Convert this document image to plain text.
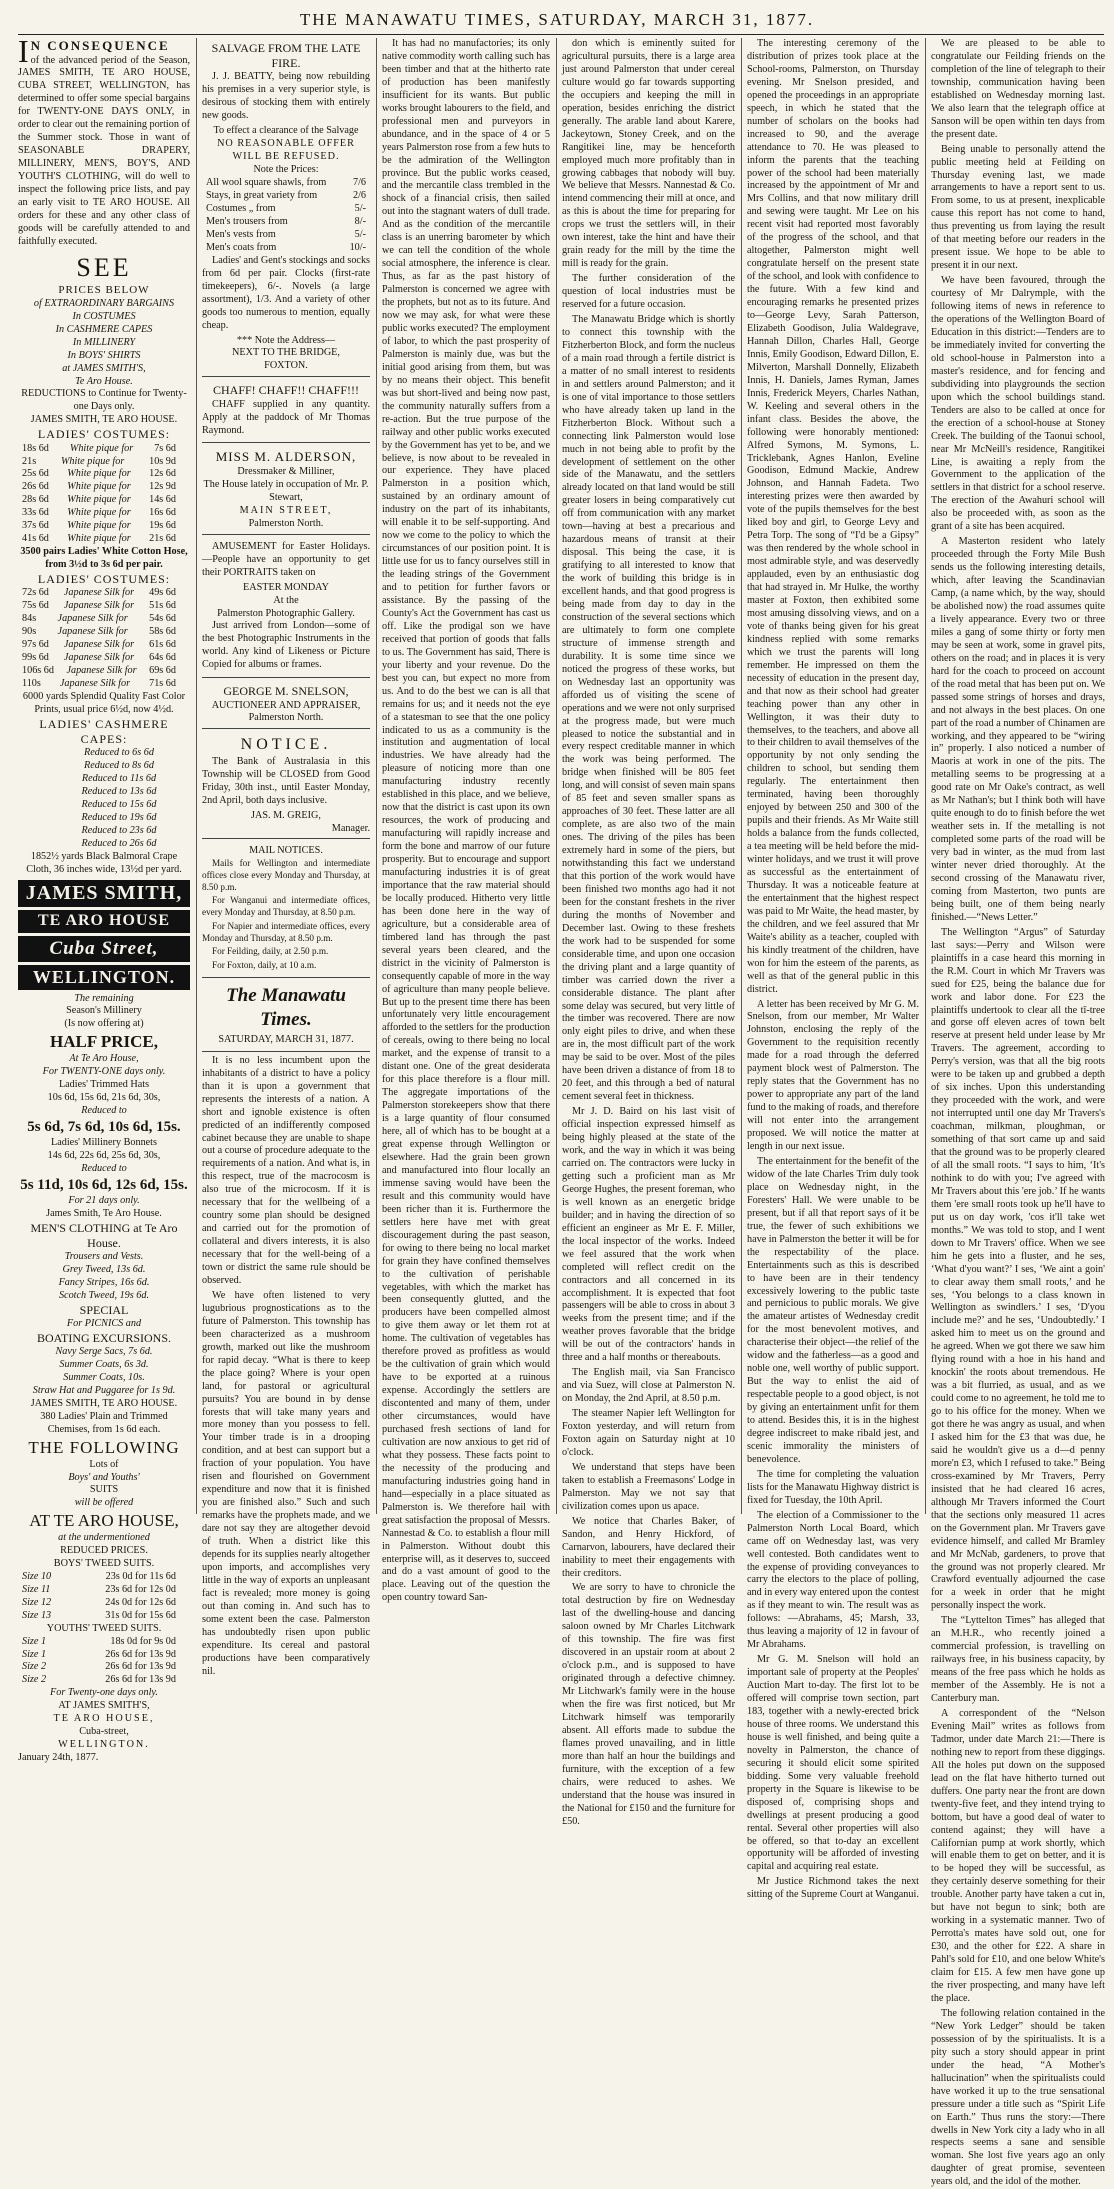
THE MANAWATU TIMES, SATURDAY, MARCH 31, 1877.
I N CONSEQUENCE
of the advanced period of the Season, JAMES SMITH, TE ARO HOUSE, CUBA STREET, WELLINGTON, has determined to offer some special bargains for TWENTY-ONE DAYS ONLY, in order to clear out the remaining portion of the Summer stock. Those in want of SEASONABLE DRAPERY, MILLINERY, MEN'S, BOY'S, AND YOUTH'S CLOTHING, will do well to inspect the following price lists, and pay an early visit to TE ARO HOUSE. All orders for these and any other class of goods will be carefully attended to and faithfully executed.
SEE
PRICES BELOW
of EXTRAORDINARY BARGAINS
In COSTUMES
In CASHMERE CAPES
In MILLINERY
In BOYS' SHIRTS
at JAMES SMITH'S,
Te Aro House.
REDUCTIONS to Continue for Twenty-one Days only.
JAMES SMITH, TE ARO HOUSE.
LADIES' COSTUMES:
18s 6d White pique for 7s 6d
21s White pique for 10s 9d
25s 6d White pique for 12s 6d
26s 6d White pique for 12s 9d
28s 6d White pique for 14s 6d
33s 6d White pique for 16s 6d
37s 6d White pique for 19s 6d
41s 6d White pique for 21s 6d
3500 pairs Ladies' White Cotton Hose, from 3½d to 3s 6d per pair.
LADIES' COSTUMES:
72s 6d Japanese Silk for 49s 6d
75s 6d Japanese Silk for 51s 6d
84s Japanese Silk for 54s 6d
90s Japanese Silk for 58s 6d
97s 6d Japanese Silk for 61s 6d
99s 6d Japanese Silk for 64s 6d
106s 6d Japanese Silk for 69s 6d
110s Japanese Silk for 71s 6d
6000 yards Splendid Quality Fast Color Prints, usual price 6½d, now 4½d.
LADIES' CASHMERE CAPES:
Reduced to 6s 6d
Reduced to 8s 6d
Reduced to 11s 6d
Reduced to 13s 6d
Reduced to 15s 6d
Reduced to 19s 6d
Reduced to 23s 6d
Reduced to 26s 6d
1852½ yards Black Balmoral Crape Cloth, 36 inches wide, 13½d per yard.
JAMES SMITH,
TE ARO HOUSE
Cuba Street,
WELLINGTON.
The remaining
Season's Millinery
(Is now offering at)
HALF PRICE,
At Te Aro House,
For TWENTY-ONE days only.
Ladies' Trimmed Hats
10s 6d, 15s 6d, 21s 6d, 30s,
Reduced to
5s 6d, 7s 6d, 10s 6d, 15s.
Ladies' Millinery Bonnets
14s 6d, 22s 6d, 25s 6d, 30s,
Reduced to
5s 11d, 10s 6d, 12s 6d, 15s.
For 21 days only.
James Smith, Te Aro House.
MEN'S CLOTHING at Te Aro House.
Trousers and Vests.
Grey Tweed, 13s 6d.
Fancy Stripes, 16s 6d.
Scotch Tweed, 19s 6d.
SPECIAL
For PICNICS and
BOATING EXCURSIONS.
Navy Serge Sacs, 7s 6d.
Summer Coats, 6s 3d.
Summer Coats, 10s.
Straw Hat and Puggaree for 1s 9d.
JAMES SMITH, TE ARO HOUSE.
380 Ladies' Plain and Trimmed Chemises, from 1s 6d each.
THE FOLLOWING
Lots of
Boys' and Youths'
SUITS
will be offered
AT TE ARO HOUSE,
at the undermentioned
REDUCED PRICES.
BOYS' TWEED SUITS.
Size 10	23s 0d for 11s 6d
Size 11	23s 6d for 12s 0d
Size 12	24s 0d for 12s 6d
Size 13	31s 0d for 15s 6d
YOUTHS' TWEED SUITS.
Size 1	18s 0d for 9s 0d
Size 1	26s 6d for 13s 9d
Size 2	26s 6d for 13s 9d
Size 2	26s 6d for 13s 9d
For Twenty-one days only.
AT JAMES SMITH'S,
TE ARO HOUSE,
Cuba-street,
WELLINGTON.
January 24th, 1877.
SALVAGE FROM THE LATE FIRE.
J. J. BEATTY, being now rebuilding his premises in a very superior style, is desirous of stocking them with entirely new goods.
To effect a clearance of the Salvage
NO REASONABLE OFFER WILL BE REFUSED.
Note the Prices:
All wool square shawls, from	7/6
Stays, in great variety from	2/6
Costumes „ from	5/-
Men's trousers from	8/-
Men's vests from	5/-
Men's coats from	10/-
Ladies' and Gent's stockings and socks from 6d per pair. Clocks (first-rate timekeepers), 6/-. Novels (a large assortment), 1/3. And a variety of other goods too numerous to mention, equally cheap.
*** Note the Address—
NEXT TO THE BRIDGE,
FOXTON.
CHAFF! CHAFF!! CHAFF!!!
CHAFF supplied in any quantity. Apply at the paddock of Mr Thomas Raymond.
MISS M. ALDERSON,
Dressmaker & Milliner,
The House lately in occupation of Mr. P. Stewart,
MAIN STREET,
Palmerston North.
AMUSEMENT for Easter Holidays. —People have an opportunity to get their PORTRAITS taken on
EASTER MONDAY
At the
Palmerston Photographic Gallery.
Just arrived from London—some of the best Photographic Instruments in the world. Any kind of Likeness or Picture Copied for albums or frames.
GEORGE M. SNELSON,
AUCTIONEER AND APPRAISER,
Palmerston North.
NOTICE.
The Bank of Australasia in this Township will be CLOSED from Good Friday, 30th inst., until Easter Monday, 2nd April, both days inclusive.
JAS. M. GREIG,
Manager.
MAIL NOTICES.
Mails for Wellington and intermediate offices close every Monday and Thursday, at 8.50 p.m.
For Wanganui and intermediate offices, every Monday and Thursday, at 8.50 p.m.
For Napier and intermediate offices, every Monday and Thursday, at 8.50 p.m.
For Feilding, daily, at 2.50 p.m.
For Foxton, daily, at 10 a.m.
The Manawatu Times.
SATURDAY, MARCH 31, 1877.
It is no less incumbent upon the inhabitants of a district to have a policy than it is upon a government that represents the interests of a nation. A short and ignoble existence is often predicted of an indifferently composed cabinet because they are unable to shape out a course of procedure adequate to the requirements of a nation. And what is, in this respect, true of the macrocosm is also true of the microcosm. If it is necessary that for the wellbeing of a country some plan should be designed and carried out for the promotion of collateral and divers interests, it is also necessary that for the well-being of a town or district the same rule should be observed.
We have often listened to very lugubrious prognostications as to the future of Palmerston. This township has been characterized as a mushroom growth, marked out like the mushroom for rapid decay. “What is there to keep the place going? Where is your open land, for pastoral or agricultural pursuits? You are bound in by dense forests that will take many years and more money than you possess to fell. Your timber trade is in a drooping condition, and at best can support but a fraction of your population. You have risen and flourished on Government expenditure and now that it is finished you are finished also.” Such and such remarks have the prophets made, and we dare not say they are altogether devoid of truth. When a district like this depends for its supplies nearly altogether upon imports, and accomplishes very little in the way of exports an unpleasant fact is revealed; more money is going out than coming in. And such has to some extent been the case. Palmerston has undoubtedly risen upon public expenditure. Its cereal and pastoral productions have been comparatively nil.
It has had no manufactories; its only native commodity worth calling such has been timber and that at the hitherto rate of production has been manifestly insufficient for its wants. But public works brought labourers to the field, and professional men and purveyors in abundance, and in the space of 4 or 5 years Palmerston rose from a few huts to be the admiration of the Wellington province. But the public works ceased, and the mercantile class trembled in the shock of a financial crisis, then sailed out into the stagnant waters of dull trade. And as the condition of the mercantile class is an unerring barometer by which we can tell the condition of the whole social atmosphere, the inference is clear. Thus, as far as the past history of Palmerston is concerned we agree with the prophets, but not as to its future. And now we may ask, for what were these public works executed? The employment of labor, to which the past prosperity of Palmerston is mainly due, was but the initial good arising from them, but was by no means their object. This benefit was but short-lived and being now past, the community naturally suffers from a re-action. But the true purpose of the railway and other public works executed by the Government has yet to be, and we believe, is now about to be revealed in our experience. They have placed Palmerston in a position which, sustained by an ordinary amount of industry on the part of its inhabitants, will enable it to be self-supporting. And now we come to the policy to which the circumstances of our position point. It is little use for us to fancy ourselves still in the leading strings of the Government and to petition for further favors or assistance. By the passing of the County's Act the Government has cast us off. Like the prodigal son we have received that portion of goods that falls to us. The Government has said, There is your liberty and your revenue. Do the best you can, but expect no more from us. And to do the best we can is all that remains for us; and it needs not the eye of a statesman to see that the one policy indicated to us as a community is the institution and augmentation of local industries. We have already had the pleasure of noticing more than one manufacturing industry recently established in this place, and we believe, now that the district is cast upon its own resources, the work of producing and manufacturing will rapidly increase and form the bone and marrow of our future prosperity. But to encourage and support manufacturing industries it is of great importance that the raw material should be locally produced. Hitherto very little has been done here in the way of agriculture, but a considerable area of timbered land has through the past several years been cleared, and the district in the vicinity of Palmerston is consequently capable of more in the way of agriculture than many people believe. But up to the present time there has been unfortunately very little encouragement afforded to the settlers for the production of cereals, owing to there being no local market, and the expense of transit to a distant one. One of the great desiderata for this place therefore is a flour mill. The aggregate importations of the Palmerston storekeepers show that there is a large quantity of flour consumed here, all of which has to be bought at a great expense through Wellington or elsewhere. Had the grain been grown and manufactured into flour locally an immense saving would have been the result and this community would have been richer than it is. Furthermore the settlers here have met with great discouragement during the past season, for owing to there being no local market for grain they have confined themselves to the cultivation of perishable vegetables, with which the market has been consequently glutted, and the producers have been compelled almost to give them away or let them rot at home. The cultivation of vegetables has therefore proved as profitless as would be the cultivation of grain which would have to be exported at a ruinous expense. Accordingly the settlers are discontented and many of them, under other circumstances, would have purchased fresh sections of land for cultivation are now anxious to get rid of what they possess. These facts point to the necessity of the producing and manufacturing industries going hand in hand—especially in a place situated as Palmerston is. We therefore hail with great satisfaction the proposal of Messrs. Nannestad & Co. to establish a flour mill in Palmerston. Without doubt this enterprise will, as it deserves to, succeed and do a vast amount of good to the place. Leaving out of the question the open country toward San-
don which is eminently suited for agricultural pursuits, there is a large area just around Palmerston that under cereal culture would go far towards supporting the occupiers and keeping the mill in operation, besides enriching the district generally. The arable land about Karere, Jackeytown, Stoney Creek, and on the Rangitikei line, may be henceforth employed much more profitably than in growing cabbages that nobody will buy. We believe that Messrs. Nannestad & Co. intend commencing their mill at once, and as this is about the time for preparing for crops we trust the settlers will, in their own interest, take the hint and have their grain ready for the mill by the time the mill is ready for the grain.
The further consideration of the question of local industries must be reserved for a future occasion.
The Manawatu Bridge which is shortly to connect this township with the Fitzherberton Block, and form the nucleus of a main road through a fertile district is a matter of no small interest to residents in and settlers around Palmerston; and it is one of vital importance to those settlers who have already taken up land in the Fitzherberton Block. Without such a connecting link Palmerston would lose much in not being able to profit by the development of settlement on the other side of the Manawatu, and the settlers already located on that land would be still greater losers in being comparatively cut off from communication with any market town—having at best a precarious and hazardous means of transit at their disposal. This being the case, it is gratifying to all interested to know that the work of building this bridge is in excellent hands, and that good progress is being made from day to day in the construction of the several sections which are ultimately to form one complete structure of immense strength and durability. It is some time since we noticed the progress of these works, but on Wednesday last an opportunity was afforded us of visiting the scene of operations and we were not only surprised at the progress made, but were much pleased to notice the substantial and in every respect creditable manner in which the work was being performed. The bridge when finished will be 805 feet long, and will consist of seven main spans of 85 feet and seven smaller spans as approaches of 30 feet. These latter are all complete, as are also two of the main ones. The driving of the piles has been extremely hard in some of the piers, but notwithstanding this fact we understand that this portion of the work would have been finished two months ago had it not been for the constant freshets in the river during the months of November and December last. Owing to these freshets the work had to be suspended for some considerable time, and upon one occasion the driving plant and a large quantity of timber was carried down the river a considerable distance. The plant after some delay was secured, but very little of the timber was recovered. There are now only eight piles to drive, and when these are in, the most difficult part of the work may be said to be over. Most of the piles have been driven a distance of from 18 to 20 feet, and this through a bed of natural cement several feet in thickness.
Mr J. D. Baird on his last visit of official inspection expressed himself as being highly pleased at the state of the work, and the way in which it was being carried on. The contractors were lucky in getting such a proficient man as Mr George Hughes, the present foreman, who is well known as an energetic bridge builder; and in having the direction of so efficient an engineer as Mr E. F. Miller, the local inspector of the works. Indeed we feel assured that the work when completed will reflect credit on the contractors and all concerned in its accomplishment. It is expected that foot passengers will be able to cross in about 3 weeks from the present time; and if the weather proves favorable that the bridge will be out of the contractors' hands in three and a half months or thereabouts.
The English mail, via San Francisco and via Suez, will close at Palmerston N. on Monday, the 2nd April, at 8.50 p.m.
The steamer Napier left Wellington for Foxton yesterday, and will return from Foxton again on Saturday night at 10 o'clock.
We understand that steps have been taken to establish a Freemasons' Lodge in Palmerston. May we not say that civilization comes upon us apace.
We notice that Charles Baker, of Sandon, and Henry Hickford, of Carnarvon, labourers, have declared their inability to meet their engagements with their creditors.
We are sorry to have to chronicle the total destruction by fire on Wednesday last of the dwelling-house and dancing saloon owned by Mr Charles Litchwark of this township. The fire was first discovered in an upstair room at about 2 o'clock p.m., and is supposed to have originated through a defective chimney. Mr Litchwark's family were in the house when the fire was first noticed, but Mr Litchwark himself was temporarily absent. All efforts made to subdue the flames proved unavailing, and in little more than half an hour the buildings and furniture, with the exception of a few chairs, were reduced to ashes. We understand that the house was insured in the National for £150 and the furniture for £50.
The interesting ceremony of the distribution of prizes took place at the School-rooms, Palmerston, on Thursday evening. Mr Snelson presided, and opened the proceedings in an appropriate speech, in which he stated that the number of scholars on the books had increased to 90, and the average attendance to 70. He was pleased to inform the parents that the teaching power of the school had been materially increased by the appointment of Mr and Mrs Collins, and that now military drill and sewing were taught. Mr Lee on his recent visit had reported most favorably of the progress of the school, and that altogether, Palmerston might well congratulate herself on the present state of the school, and look with confidence to the future. With a few kind and encouraging remarks he presented prizes to—George Levy, Sarah Patterson, Elizabeth Goodison, Julia Waldegrave, Hannah Dillon, Charles Hall, George Innis, Emily Goodison, Edward Dillon, E. Milverton, Marshall Donnelly, Elizabeth Innis, H. Daniels, James Ryman, James Innis, Frederick Meyers, Charles Nathan, W. Keeling and several others in the infant class. Besides the above, the following were honorably mentioned: Alfred Symons, M. Symons, L. Tricklebank, Agnes Hanlon, Eveline Goodison, Edmund Mackie, Andrew Johnson, and Hannah Fadeta. Two interesting prizes were then awarded by vote of the pupils themselves for the best liked boy and girl, to George Levy and Petra Torp. The song of “I'd be a Gipsy” was then rendered by the whole school in most admirable style, and was deservedly applauded, even by an enthusiastic dog that had strayed in. Mr Hulke, the worthy master at Foxton, then exhibited some most amusing dissolving views, and on a vote of thanks being given for his great kindness replied with some remarks which we trust the parents will long remember. He impressed on them the necessity of education in the present day, and that now as their school had greater teaching power than any other in Wellington, it was their duty to themselves, to the teachers, and above all to their children to avail themselves of the opportunity by not only sending the children to school, but sending them regularly. The entertainment then terminated, having been thoroughly enjoyed by between 250 and 300 of the pupils and their friends. As Mr Waite still holds a balance from the funds collected, a tea meeting will be held before the mid-winter holidays, and we trust it will prove as successful as the entertainment of Thursday. It was a noticeable feature at the entertainment that the highest respect was paid to Mr Waite, the head master, by the children, and we feel assured that Mr Waite's ability as a teacher, coupled with his kindly treatment of the children, have won for him the esteem of the parents, as well as that of the general public in this district.
A letter has been received by Mr G. M. Snelson, from our member, Mr Walter Johnston, enclosing the reply of the Government to the requisition recently made for a road through the deferred payment block west of Palmerston. The reply states that the Government has no power to appropriate any part of the land fund to the making of roads, and therefore will not enter into the arrangement proposed. We will notice the matter at length in our next issue.
The entertainment for the benefit of the widow of the late Charles Trim duly took place on Wednesday night, in the Foresters' Hall. We were unable to be present, but if all that report says of it be true, the fewer of such exhibitions we have in Palmerston the better it will be for the respectability of the place. Entertainments such as this is described to have been are in their tendency excessively lowering to the public taste and pernicious to public morals. We give the amateur artistes of Wednesday credit for the most benevolent motives, and characterise their object—the relief of the widow and the fatherless—as a good and noble one, well worthy of public support. But the way to enlist the aid of respectable people to a good object, is not by giving an entertainment unfit for them to attend. Besides this, it is in the highest degree indiscreet to make ribald jest, and scenic immorality the ministers of benevolence.
The time for completing the valuation lists for the Manawatu Highway district is fixed for Tuesday, the 10th April.
The election of a Commissioner to the Palmerston North Local Board, which came off on Wednesday last, was very well contested. Both candidates went to the expense of providing conveyances to carry the electors to the place of polling, and in every way entered upon the contest as if they meant to win. The result was as follows: —Abrahams, 45; Marsh, 33, thus leaving a majority of 12 in favour of Mr Abrahams.
Mr G. M. Snelson will hold an important sale of property at the Peoples' Auction Mart to-day. The first lot to be offered will comprise town section, part 183, together with a newly-erected brick house of three rooms. We understand this house is well finished, and being quite a novelty in Palmerston, the chance of securing it should elicit some spirited bidding. Some very valuable freehold property in the Square is likewise to be disposed of, comprising shops and dwellings at present producing a good rental. Several other properties will also be offered, so that to-day an excellent opportunity will be afforded of investing capital and acquiring real estate.
Mr Justice Richmond takes the next sitting of the Supreme Court at Wanganui.
We are pleased to be able to congratulate our Feilding friends on the completion of the line of telegraph to their township, communication having been established on Wednesday morning last. We also learn that the telegraph office at Sanson will be open within ten days from the present date.
Being unable to personally attend the public meeting held at Feilding on Thursday evening last, we made arrangements to have a report sent to us. From some, to us at present, inexplicable cause this report has not come to hand, thus preventing us from laying the result of that meeting before our readers in the present issue. We hope to be able to present it in our next.
We have been favoured, through the courtesy of Mr Dalrymple, with the following items of news in reference to the operations of the Wellington Board of Education in this district:—Tenders are to be immediately invited for converting the old school-house in Palmerston into a master's residence, and for fencing and subdividing into playgrounds the section upon which the school buildings stand. Tenders are also to be called at once for the erection of a school-house at Stoney Creek. The building of the Taonui school, near Mr McNeill's residence, Rangitikei Line, is awaiting a reply from the Government to the application of the settlers in that district for a school reserve. The erection of the Awahuri school will also be proceeded with, as soon as the grant of a site has been acquired.
A Masterton resident who lately proceeded through the Forty Mile Bush sends us the following interesting details, which, after leaving the Scandinavian Camp, (a name which, by the way, should be abolished now) the road assumes quite a lively appearance. Every two or three miles a gang of some thirty or forty men may be seen at work, some in gravel pits, others on the road; and in places it is very hard for the coach to proceed on account of the road metal that has been put on. We passed some strings of horses and drays, and not always in the best places. On one part of the road a number of Chinamen are working, and they appeared to be “wiring in” properly. I also noticed a number of Maoris at work in one of the pits. The metalling seems to be progressing at a good rate on Mr Oake's contract, as well as Mr Nathan's; but I think both will have quite enough to do to finish before the wet weather sets in. If the metalling is not completed some parts of the road will be very bad in winter, as the mud from last winter never dried thoroughly. At the second crossing of the Manawatu river, coming from Masterton, two punts are being built, one of them being nearly finished.—“News Letter.”
The Wellington “Argus” of Saturday last says:—Perry and Wilson were plaintiffs in a case heard this morning in the R.M. Court in which Mr Travers was sued for £25, being the balance due for work and labor done. For £23 the plaintiffs undertook to clear all the tī-tree and gorse off eleven acres of town belt reserve at present held under lease by Mr Travers. The agreement, according to Perry's version, was that all the big roots were to be taken up and grubbed a depth of six inches. Upon this understanding they proceeded with the work, and were not interrupted until one day Mr Travers's coachman, milkman, ploughman, or something of that sort came up and said that the ground was to be properly cleared of all the small roots. “I says to him, ‘It's nothink to do with you; I've agreed with Mr Travers about this 'ere job.’ If he wants them 'ere small roots took up he'll have to put us on day work, 'cos it'll take wet months.” We was told to stop, and I went down to Mr Travers' office. When we see him he gets into a fluster, and he ses, ‘What d'you want?’ I ses, ‘We aint a goin' to clear away them small roots,’ and he ses, ‘You belongs to a class known in Wellington as swindlers.’ I ses, ‘D'you include me?’ and he ses, ‘Undoubtedly.’ I asked him to meet us on the ground and he agreed. When we got there we saw him flying round with a hoe in his hand and knockin' the roots about tremendous. He was a bit flurried, as usual, and as we could come to no agreement, he told me to go to his office for the money. When we got there he was angry as usual, and when I asked him for the £3 that was due, he said he wouldn't give us a d—d penny more'n £3, which I refused to take.” Being cross-examined by Mr Travers, Perry insisted that he had cleared 16 acres, although Mr Travers informed the Court that the sections only measured 11 acres on the Government plan. Mr Travers gave evidence himself, and called Mr Bramley and Mr McNab, gardeners, to prove that the ground was not properly cleared. Mr Crawford eventually adjourned the case for a week in order that he might personally inspect the work.
The “Lyttelton Times” has alleged that an M.H.R., who recently joined a commercial profession, is travelling on railways free, in his business capacity, by means of the free pass which he holds as member of the Assembly. He is not a Canterbury man.
A correspondent of the “Nelson Evening Mail” writes as follows from Tadmor, under date March 21:—There is nothing new to report from these diggings. All the holes put down on the supposed lead on the flat have hitherto turned out duffers. One party near the front are down twenty-five feet, and they intend trying to bottom, but have a good deal of water to contend against; they will have a Californian pump at work shortly, which will enable them to get on better, and it is to be hoped they will be successful, as they certainly deserve something for their trouble. Another party have taken a cut in, but have not begun to sink; both are working in a systematic manner. Two of Perrotta's mates have sold out, one for £30, and the other for £22. A share in Pahl's sold for £10, and one below White's claim for £15. A few men have gone up the river prospecting, and many have left the place.
The following relation contained in the “New York Ledger” should be taken possession of by the spiritualists. It is a pity such a story should appear in print under the head, “A Mother's hallucination” when the spiritualists could have worked it up to the true sensational pressure under a title such as “Spirit Life on Earth.” Thus runs the story:—There dwells in New York city a lady who in all respects seems a sane and sensible woman. She lost five years ago an only daughter of great promise, seventeen years old, and the idol of the mother.
